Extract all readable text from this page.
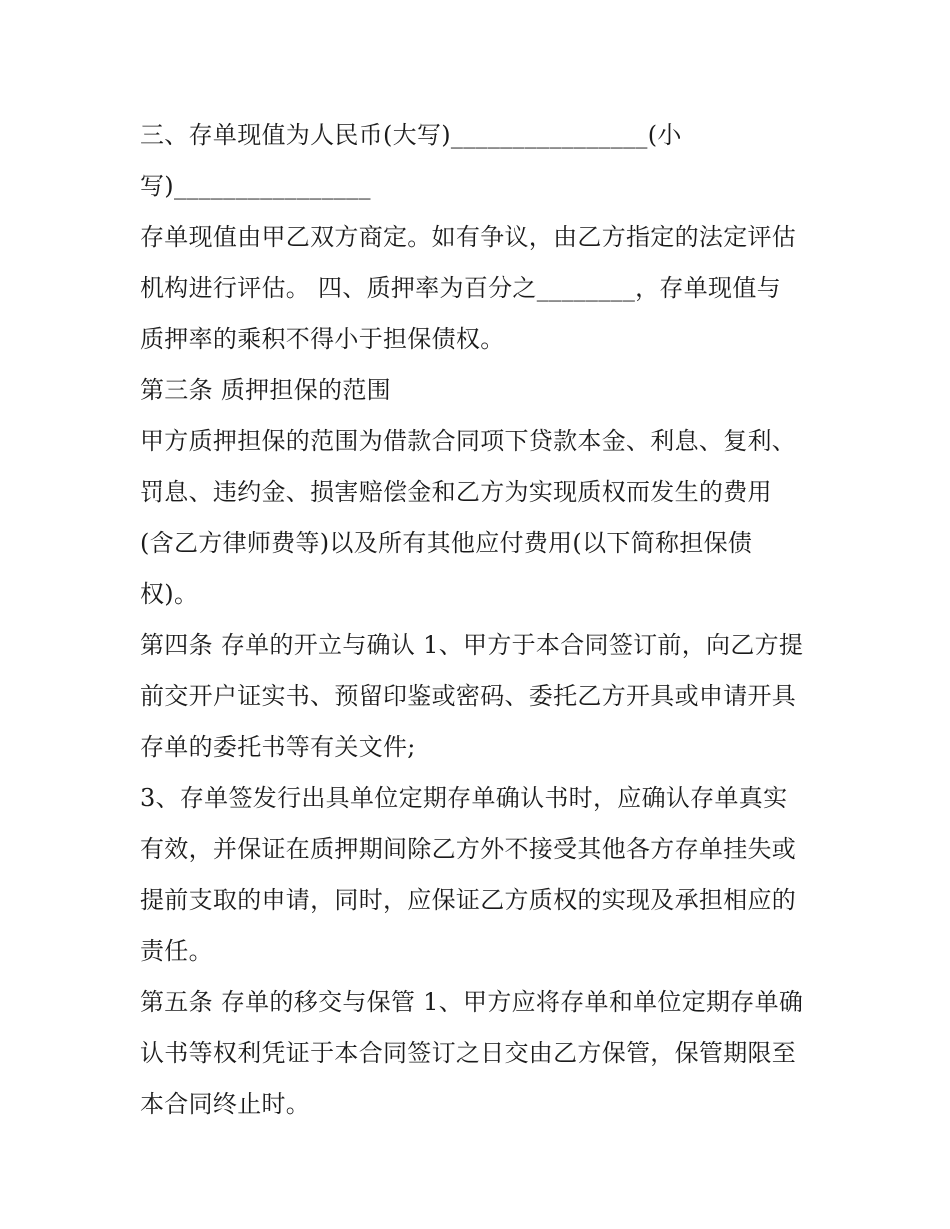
三、存单现值为人民币(大写)________________(小
写)________________
存单现值由甲乙双方商定。如有争议，由乙方指定的法定评估
机构进行评估。 四、质押率为百分之________，存单现值与
质押率的乘积不得小于担保债权。
第三条 质押担保的范围
甲方质押担保的范围为借款合同项下贷款本金、利息、复利、
罚息、违约金、损害赔偿金和乙方为实现质权而发生的费用
(含乙方律师费等)以及所有其他应付费用(以下简称担保债
权)。
第四条 存单的开立与确认 1、甲方于本合同签订前，向乙方提
前交开户证实书、预留印鉴或密码、委托乙方开具或申请开具
存单的委托书等有关文件;
3、存单签发行出具单位定期存单确认书时，应确认存单真实
有效，并保证在质押期间除乙方外不接受其他各方存单挂失或
提前支取的申请，同时，应保证乙方质权的实现及承担相应的
责任。
第五条 存单的移交与保管 1、甲方应将存单和单位定期存单确
认书等权利凭证于本合同签订之日交由乙方保管，保管期限至
本合同终止时。
